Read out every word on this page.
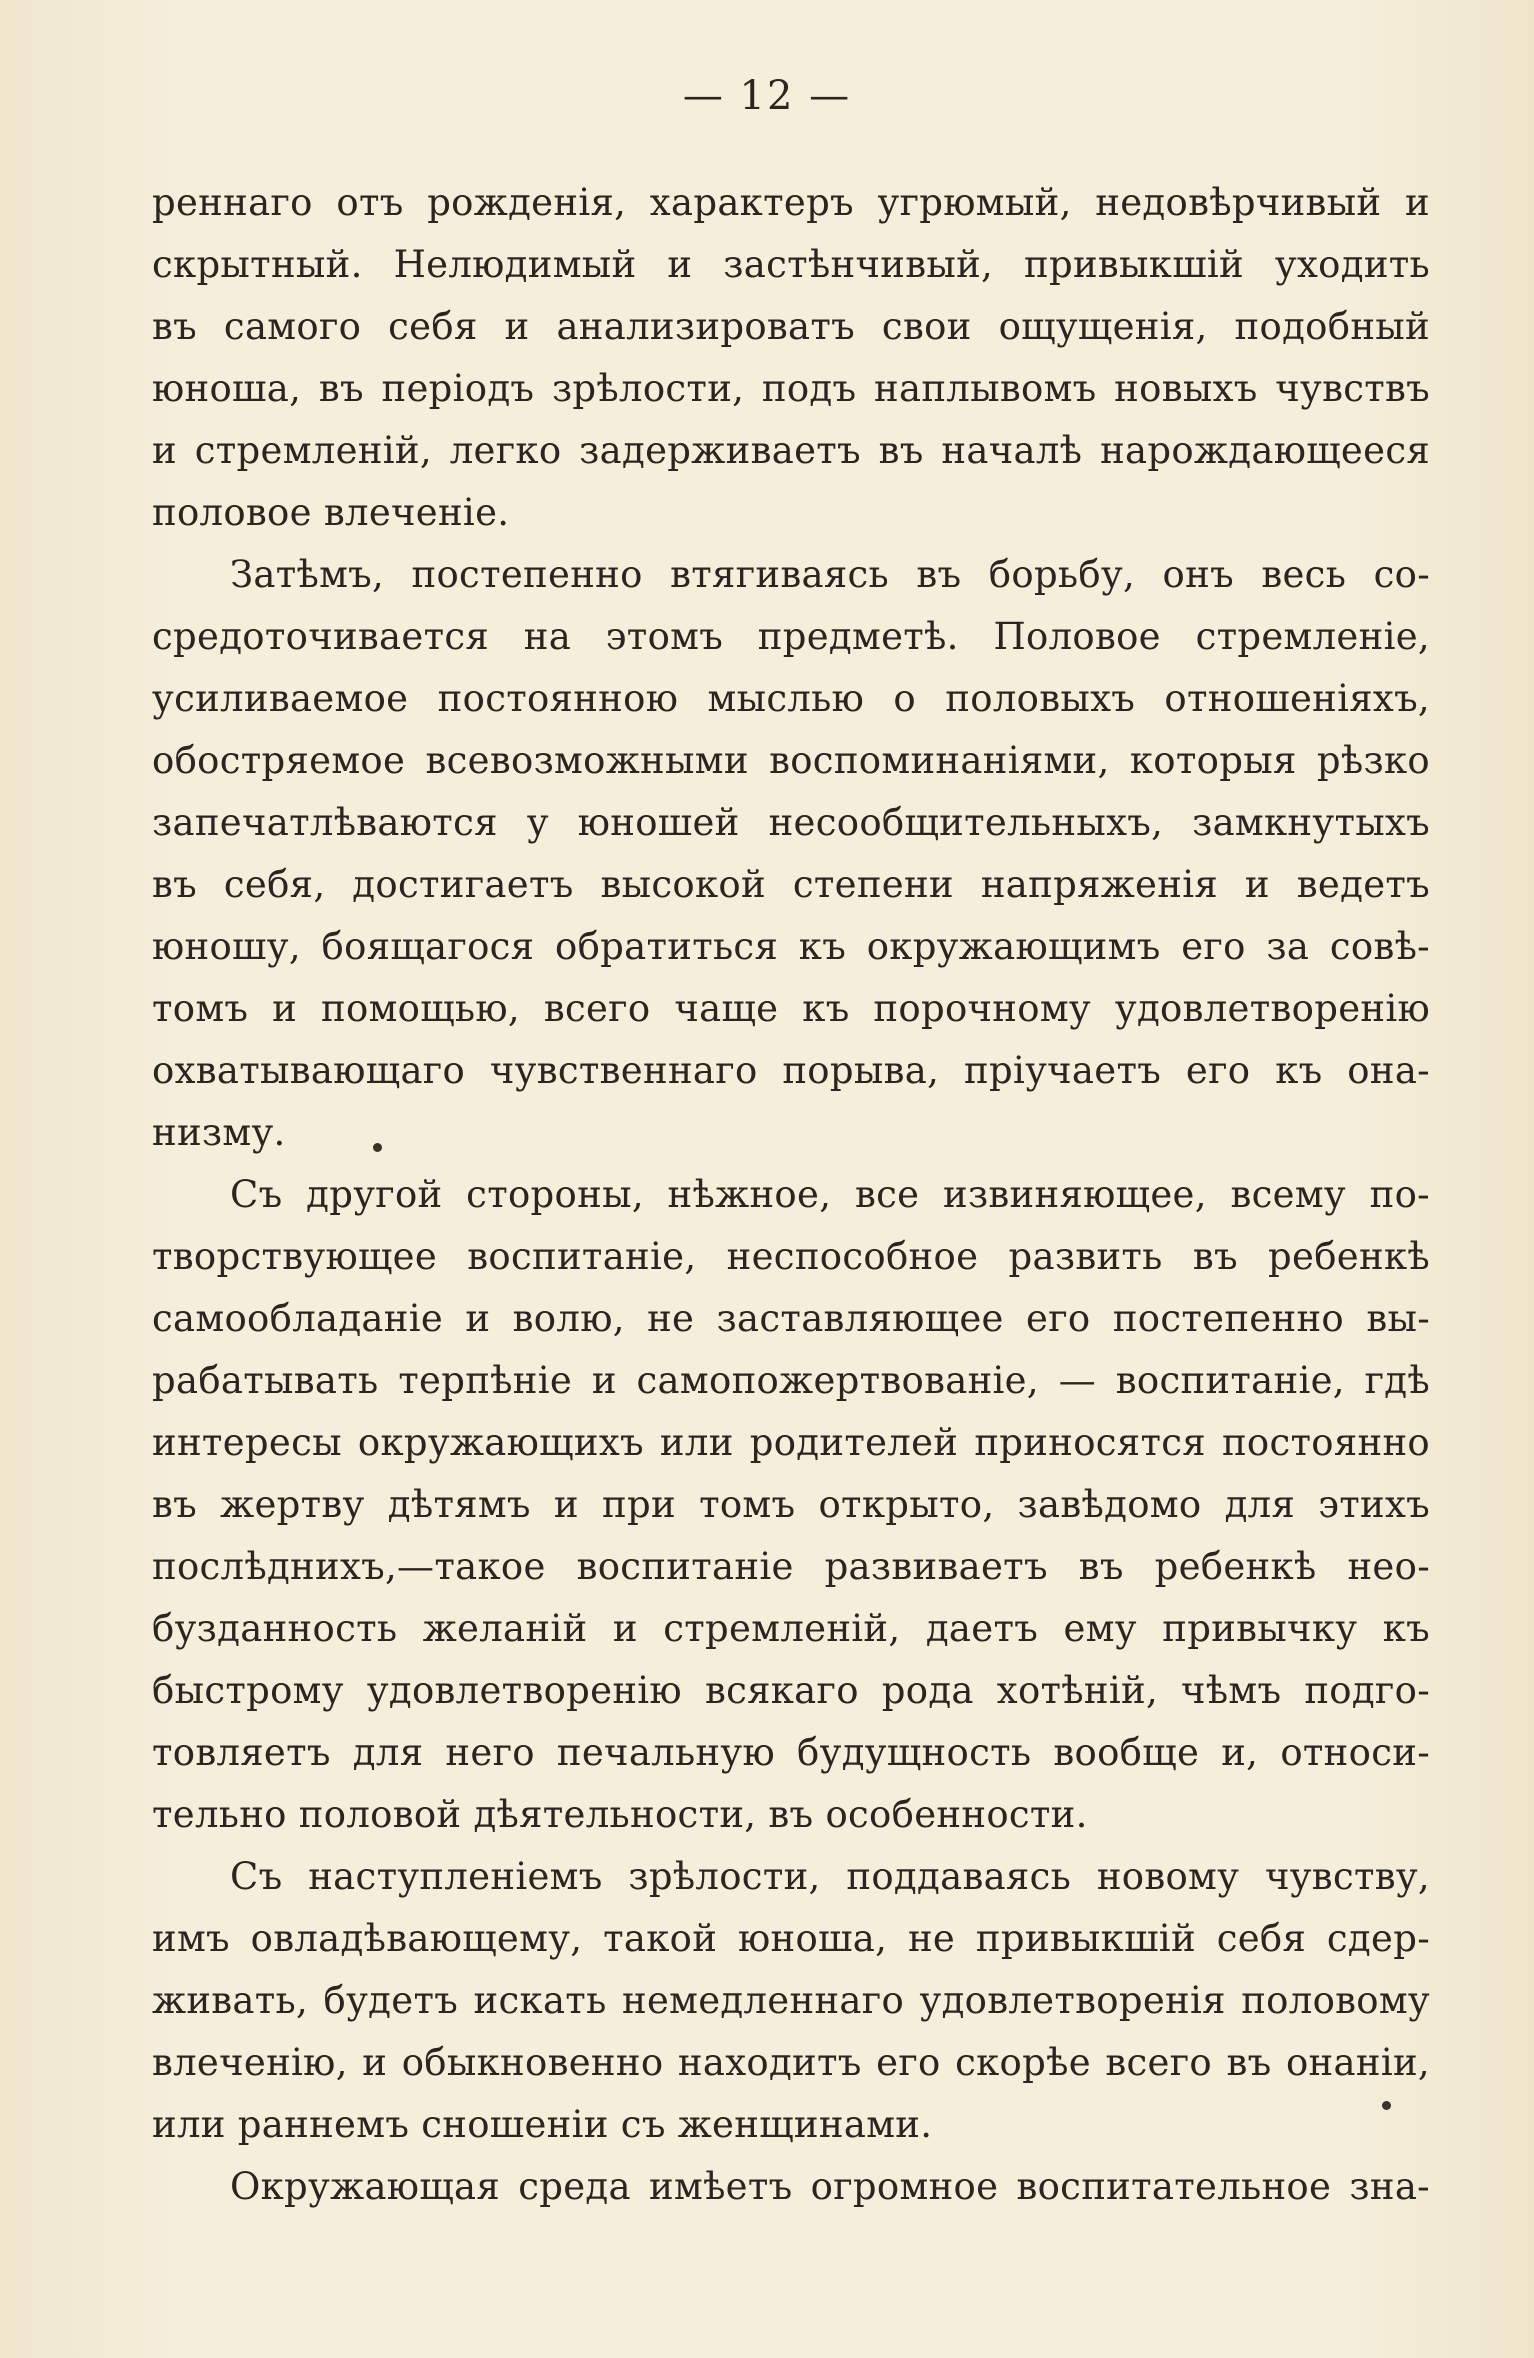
— 12 —
реннаго отъ рожденія, характеръ угрюмый, недовѣрчивый и
скрытный. Нелюдимый и застѣнчивый, привыкшій уходить
въ самого себя и анализироватъ свои ощущенія, подобный
юноша, въ періодъ зрѣлости, подъ наплывомъ новыхъ чувствъ
и стремленій, легко задерживаетъ въ началѣ нарождающееся
половое влеченіе.
Затѣмъ, постепенно втягиваясь въ борьбу, онъ весь со-
средоточивается на этомъ предметѣ. Половое стремленіе,
усиливаемое постоянною мыслью о половыхъ отношеніяхъ,
обостряемое всевозможными воспоминаніями, которыя рѣзко
запечатлѣваются у юношей несообщительныхъ, замкнутыхъ
въ себя, достигаетъ высокой степени напряженія и ведетъ
юношу, боящагося обратиться къ окружающимъ его за совѣ-
томъ и помощью, всего чаще къ порочному удовлетворенію
охватывающаго чувственнаго порыва, пріучаетъ его къ она-
низму.
Съ другой стороны, нѣжное, все извиняющее, всему по-
творствующее воспитаніе, неспособное развить въ ребенкѣ
самообладаніе и волю, не заставляющее его постепенно вы-
рабатывать терпѣніе и самопожертвованіе, — воспитаніе, гдѣ
интересы окружающихъ или родителей приносятся постоянно
въ жертву дѣтямъ и при томъ открыто, завѣдомо для этихъ
послѣднихъ,—такое воспитаніе развиваетъ въ ребенкѣ нео-
бузданность желаній и стремленій, даетъ ему привычку къ
быстрому удовлетворенію всякаго рода хотѣній, чѣмъ подго-
товляетъ для него печальную будущность вообще и, относи-
тельно половой дѣятельности, въ особенности.
Съ наступленіемъ зрѣлости, поддаваясь новому чувству,
имъ овладѣвающему, такой юноша, не привыкшій себя сдер-
живать, будетъ искать немедленнаго удовлетворенія половому
влеченію, и обыкновенно находитъ его скорѣе всего въ онаніи,
или раннемъ сношеніи съ женщинами.
Окружающая среда имѣетъ огромное воспитательное зна-
